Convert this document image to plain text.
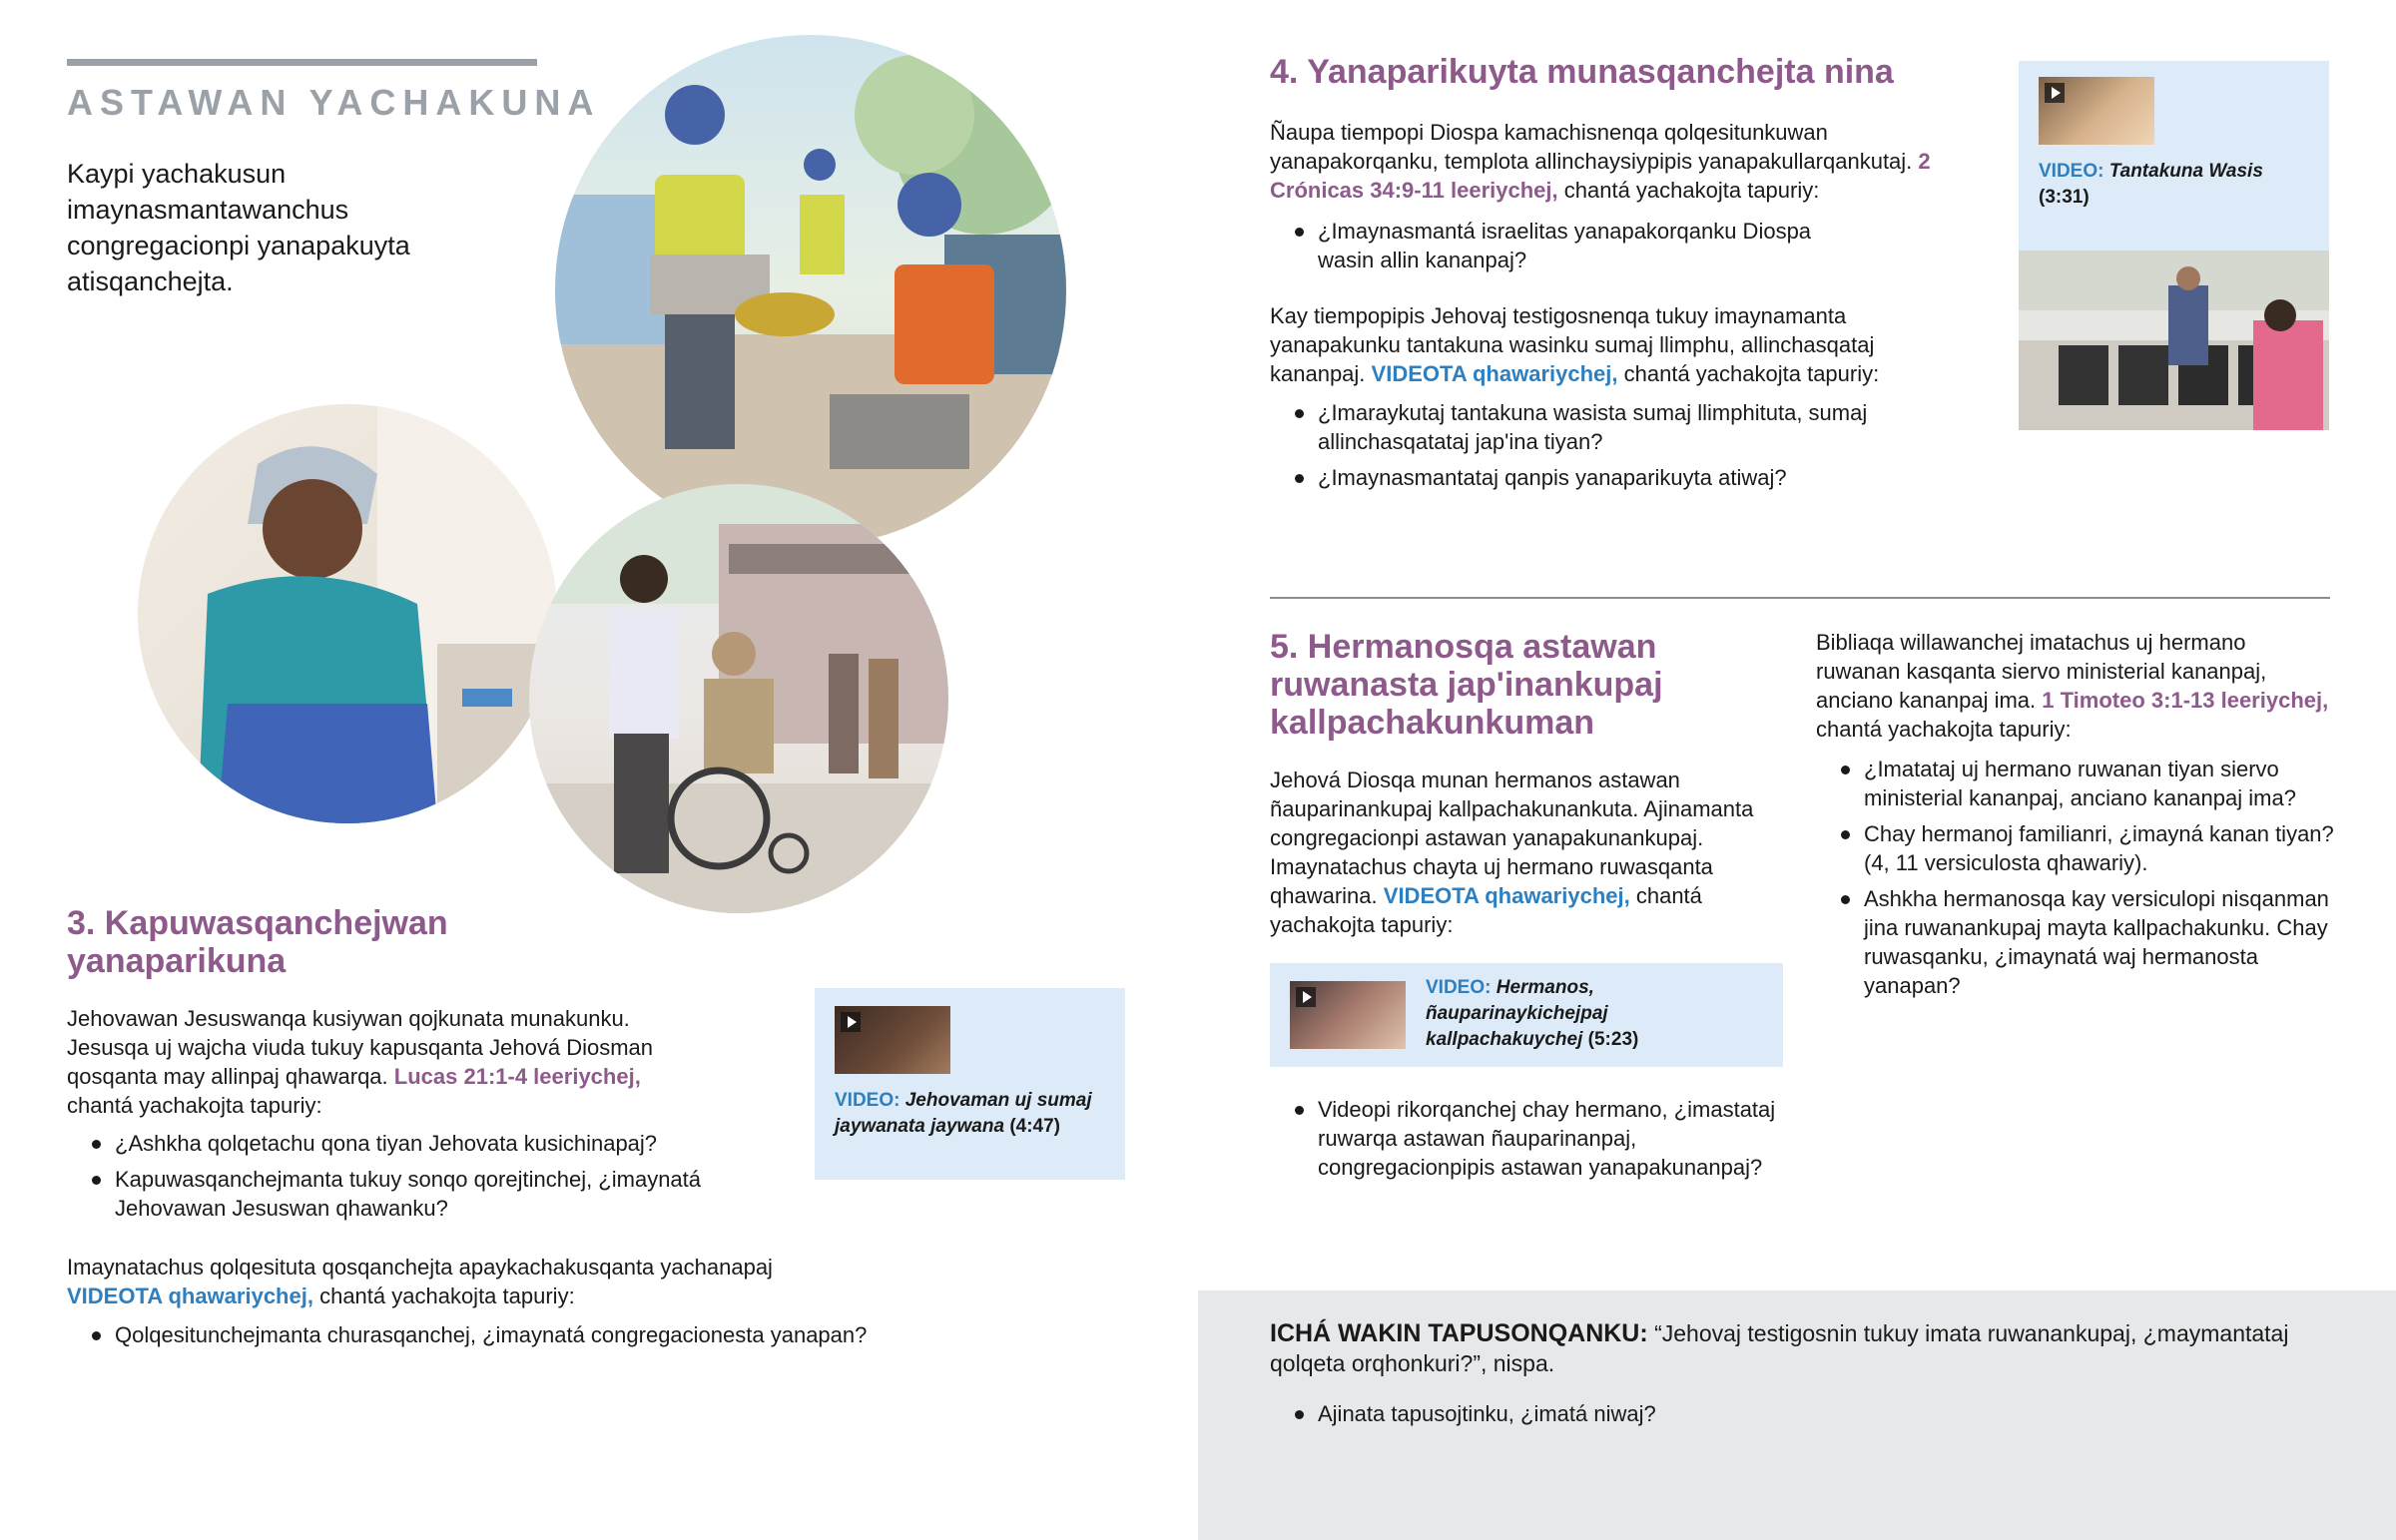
ASTAWAN YACHAKUNA
Kaypi yachakusun imaynasmantawanchus congregacionpi yanapakuyta atisqanchejta.
3. Kapuwasqanchejwan yanaparikuna
Jehovawan Jesuswanqa kusiywan qojkunata munakunku. Jesusqa uj wajcha viuda tukuy kapusqanta Jehová Diosman qosqanta may allinpaj qhawarqa. Lucas 21:1-4 leeriychej, chantá yachakojta tapuriy:
¿Ashkha qolqetachu qona tiyan Jehovata kusichinapaj?
Kapuwasqanchejmanta tukuy sonqo qorejtinchej, ¿imaynatá Jehovawan Jesuswan qhawanku?
Imaynatachus qolqesituta qosqanchejta apaykachakusqanta yachanapaj VIDEOTA qhawariychej, chantá yachakojta tapuriy:
Qolqesitunchejmanta churasqanchej, ¿imaynatá congregacionesta yanapan?
VIDEO: Jehovaman uj sumaj jaywanata jaywana (4:47)
4. Yanaparikuyta munasqanchejta nina
Ñaupa tiempopi Diospa kamachisnenqa qolqesitunkuwan yanapakorqanku, templota allinchaysiypipis yanapakullarqankutaj. 2 Crónicas 34:9-11 leeriychej, chantá yachakojta tapuriy:
¿Imaynasmantá israelitas yanapakorqanku Diospa wasin allin kananpaj?
Kay tiempopipis Jehovaj testigosnenqa tukuy imaynamanta yanapakunku tantakuna wasinku sumaj llimphu, allinchasqataj kananpaj. VIDEOTA qhawariychej, chantá yachakojta tapuriy:
¿Imaraykutaj tantakuna wasista sumaj llimphituta, sumaj allinchasqatataj jap'ina tiyan?
¿Imaynasmantataj qanpis yanaparikuyta atiwaj?
VIDEO: Tantakuna Wasis
(3:31)
5. Hermanosqa astawan ruwanasta jap'inankupaj kallpachakunkuman
Jehová Diosqa munan hermanos astawan ñauparinankupaj kallpachakunankuta. Ajinamanta congregacionpi astawan yanapakunankupaj. Imaynatachus chayta uj hermano ruwasqanta qhawarina. VIDEOTA qhawariychej, chantá yachakojta tapuriy:
VIDEO: Hermanos, ñauparinaykichejpaj kallpachakuychej (5:23)
Videopi rikorqanchej chay hermano, ¿imastataj ruwarqa astawan ñauparinanpaj, congregacionpipis astawan yanapakunanpaj?
Bibliaqa willawanchej imatachus uj hermano ruwanan kasqanta siervo ministerial kananpaj, anciano kananpaj ima. 1 Timoteo 3:1-13 leeriychej, chantá yachakojta tapuriy:
¿Imatataj uj hermano ruwanan tiyan siervo ministerial kananpaj, anciano kananpaj ima?
Chay hermanoj familianri, ¿imayná kanan tiyan? (4, 11 versiculosta qhawariy).
Ashkha hermanosqa kay versiculopi nisqanman jina ruwanankupaj mayta kallpachakunku. Chay ruwasqanku, ¿imaynatá waj hermanosta yanapan?
ICHÁ WAKIN TAPUSONQANKU: “Jehovaj testigosnin tukuy imata ruwanankupaj, ¿maymantataj qolqeta orqhonkuri?”, nispa.
Ajinata tapusojtinku, ¿imatá niwaj?
